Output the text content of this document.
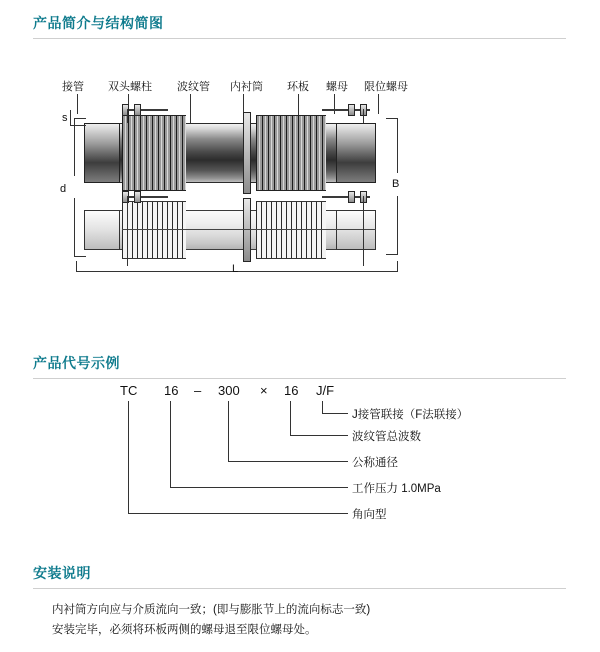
产品简介与结构简图
接管 双头螺柱 波纹管 内衬筒 环板 螺母 限位螺母
s
d	B
L
产品代号示例
TC 16 – 300 × 16 J/F
J接管联接（F法联接）
波纹管总波数
公称通径
工作压力 1.0MPa
角向型
安装说明
内衬筒方向应与介质流向一致；(即与膨胀节上的流向标志一致)
安装完毕，必须将环板两侧的螺母退至限位螺母处。
